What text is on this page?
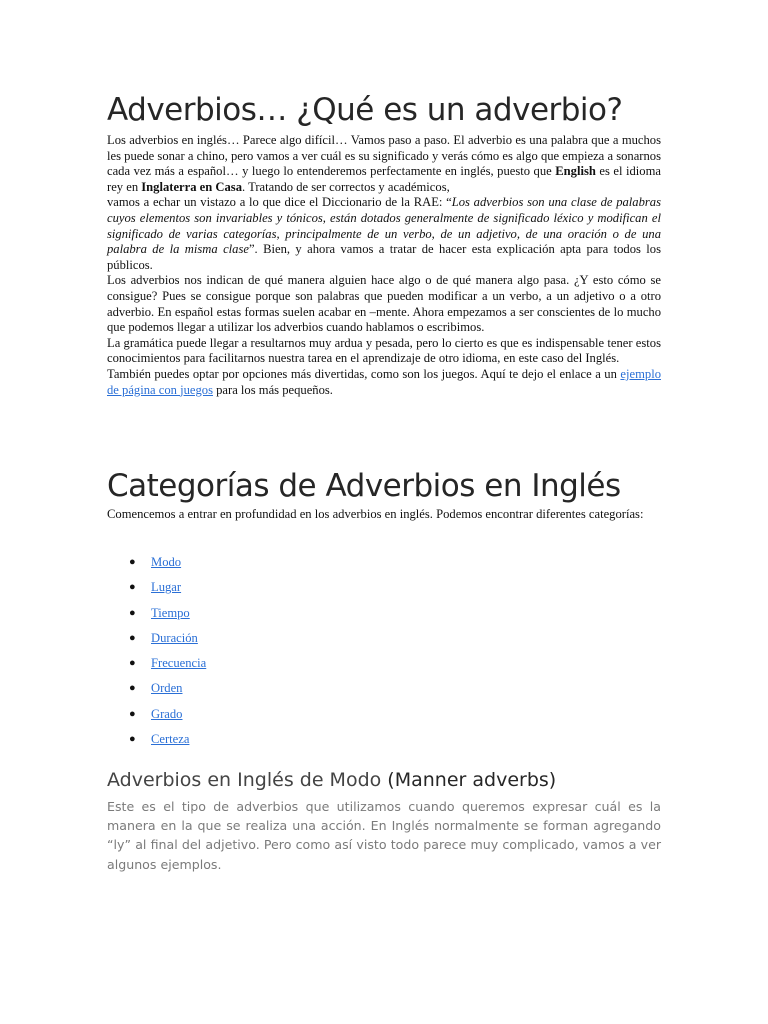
Adverbios… ¿Qué es un adverbio?

Los adverbios en inglés… Parece algo difícil… Vamos paso a paso. El adverbio es una palabra que a muchos les puede sonar a chino, pero vamos a ver cuál es su significado y verás cómo es algo que empieza a sonarnos cada vez más a español… y luego lo entenderemos perfectamente en inglés, puesto que English es el idioma rey en Inglaterra en Casa. Tratando de ser correctos y académicos,

vamos a echar un vistazo a lo que dice el Diccionario de la RAE: “Los adverbios son una clase de palabras cuyos elementos son invariables y tónicos, están dotados generalmente de significado léxico y modifican el significado de varias categorías, principalmente de un verbo, de un adjetivo, de una oración o de una palabra de la misma clase”. Bien, y ahora vamos a tratar de hacer esta explicación apta para todos los públicos.

Los adverbios nos indican de qué manera alguien hace algo o de qué manera algo pasa. ¿Y esto cómo se consigue? Pues se consigue porque son palabras que pueden modificar a un verbo, a un adjetivo o a otro adverbio. En español estas formas suelen acabar en –mente. Ahora empezamos a ser conscientes de lo mucho que podemos llegar a utilizar los adverbios cuando hablamos o escribimos.

La gramática puede llegar a resultarnos muy ardua y pesada, pero lo cierto es que es indispensable tener estos conocimientos para facilitarnos nuestra tarea en el aprendizaje de otro idioma, en este caso del Inglés.

También puedes optar por opciones más divertidas, como son los juegos. Aquí te dejo el enlace a un ejemplo de página con juegos para los más pequeños.

Categorías de Adverbios en Inglés

Comencemos a entrar en profundidad en los adverbios en inglés. Podemos encontrar diferentes categorías:

● Modo
● Lugar
● Tiempo
● Duración
● Frecuencia
● Orden
● Grado
● Certeza
Adverbios en Inglés de Modo (Manner adverbs)

Este es el tipo de adverbios que utilizamos cuando queremos expresar cuál es la manera en la que se realiza una acción. En Inglés normalmente se forman agregando “ly” al final del adjetivo. Pero como así visto todo parece muy complicado, vamos a ver algunos ejemplos.
